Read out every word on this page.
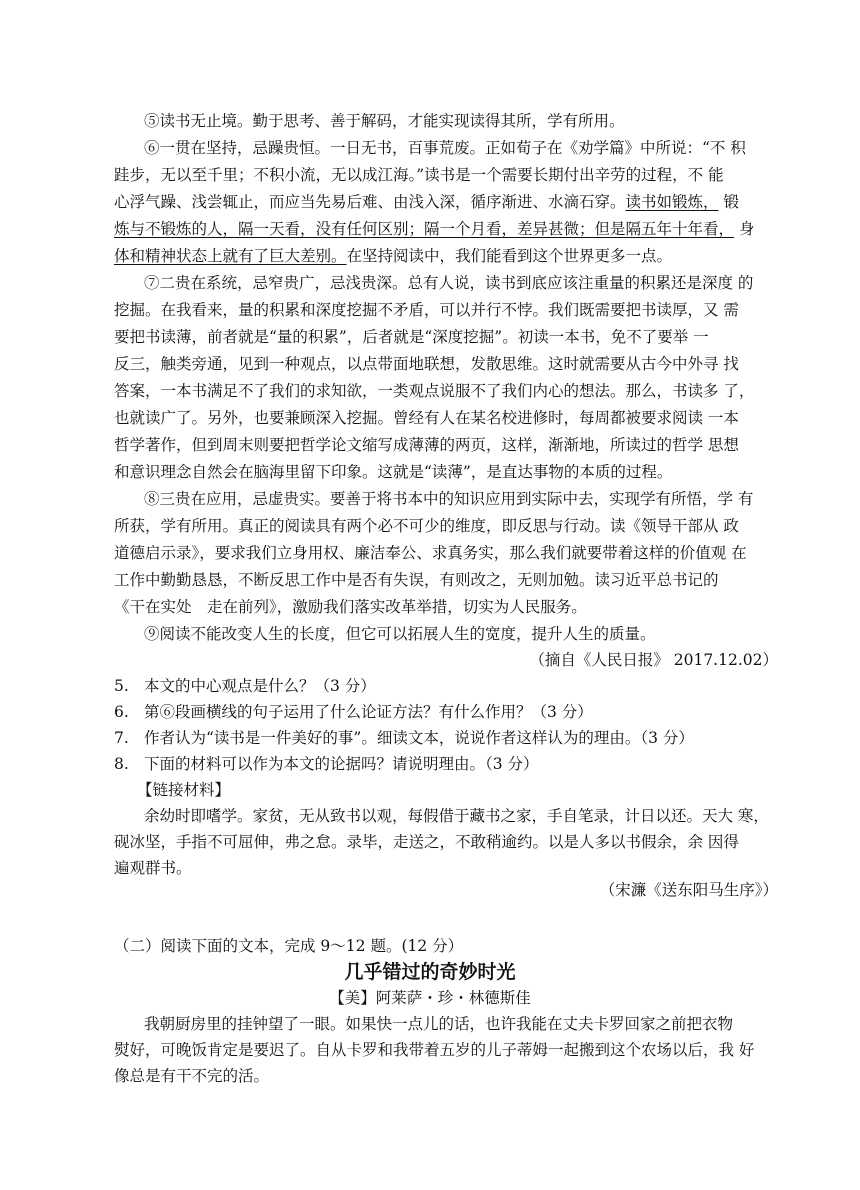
⑤读书无止境。勤于思考、善于解码，才能实现读得其所，学有所用。
⑥一贯在坚持，忌躁贵恒。一日无书，百事荒废。正如荀子在《劝学篇》中所说：“不 积
跬步，无以至千里；不积小流，无以成江海。”读书是一个需要长期付出辛劳的过程，不 能
心浮气躁、浅尝辄止，而应当先易后难、由浅入深，循序渐进、水滴石穿。读书如锻炼， 锻
炼与不锻炼的人，隔一天看，没有任何区别；隔一个月看，差异甚微；但是隔五年十年看， 身
体和精神状态上就有了巨大差别。在坚持阅读中，我们能看到这个世界更多一点。
⑦二贵在系统，忌窄贵广，忌浅贵深。总有人说，读书到底应该注重量的积累还是深度 的
挖掘。在我看来，量的积累和深度挖掘不矛盾，可以并行不悖。我们既需要把书读厚，又 需
要把书读薄，前者就是“量的积累”，后者就是“深度挖掘”。初读一本书，免不了要举 一
反三，触类旁通，见到一种观点，以点带面地联想，发散思维。这时就需要从古今中外寻 找
答案，一本书满足不了我们的求知欲，一类观点说服不了我们内心的想法。那么，书读多 了，
也就读广了。另外，也要兼顾深入挖掘。曾经有人在某名校进修时，每周都被要求阅读 一本
哲学著作，但到周末则要把哲学论文缩写成薄薄的两页，这样，渐渐地，所读过的哲学 思想
和意识理念自然会在脑海里留下印象。这就是“读薄”，是直达事物的本质的过程。
⑧三贵在应用，忌虚贵实。要善于将书本中的知识应用到实际中去，实现学有所悟，学 有
所获，学有所用。真正的阅读具有两个必不可少的维度，即反思与行动。读《领导干部从 政
道德启示录》，要求我们立身用权、廉洁奉公、求真务实，那么我们就要带着这样的价值观 在
工作中勤勤恳恳，不断反思工作中是否有失误，有则改之，无则加勉。读习近平总书记的
《干在实处　走在前列》，激励我们落实改革举措，切实为人民服务。
⑨阅读不能改变人生的长度，但它可以拓展人生的宽度，提升人生的质量。
（摘自《人民日报》 2017.12.02）
5. 本文的中心观点是什么？（3 分）
6. 第⑥段画横线的句子运用了什么论证方法？有什么作用？（3 分）
7. 作者认为“读书是一件美好的事”。细读文本，说说作者这样认为的理由。（3 分）
8. 下面的材料可以作为本文的论据吗？请说明理由。（3 分）
【链接材料】
余幼时即嗜学。家贫，无从致书以观，每假借于藏书之家，手自笔录，计日以还。天大 寒，
砚冰坚，手指不可屈伸，弗之怠。录毕，走送之，不敢稍逾约。以是人多以书假余，余 因得
遍观群书。
（宋濂《送东阳马生序》）
（二）阅读下面的文本，完成 9～12 题。(12 分）
几乎错过的奇妙时光
【美】阿莱萨・珍・林德斯佳
我朝厨房里的挂钟望了一眼。如果快一点儿的话，也许我能在丈夫卡罗回家之前把衣物
熨好，可晚饭肯定是要迟了。自从卡罗和我带着五岁的儿子蒂姆一起搬到这个农场以后，我 好
像总是有干不完的活。
